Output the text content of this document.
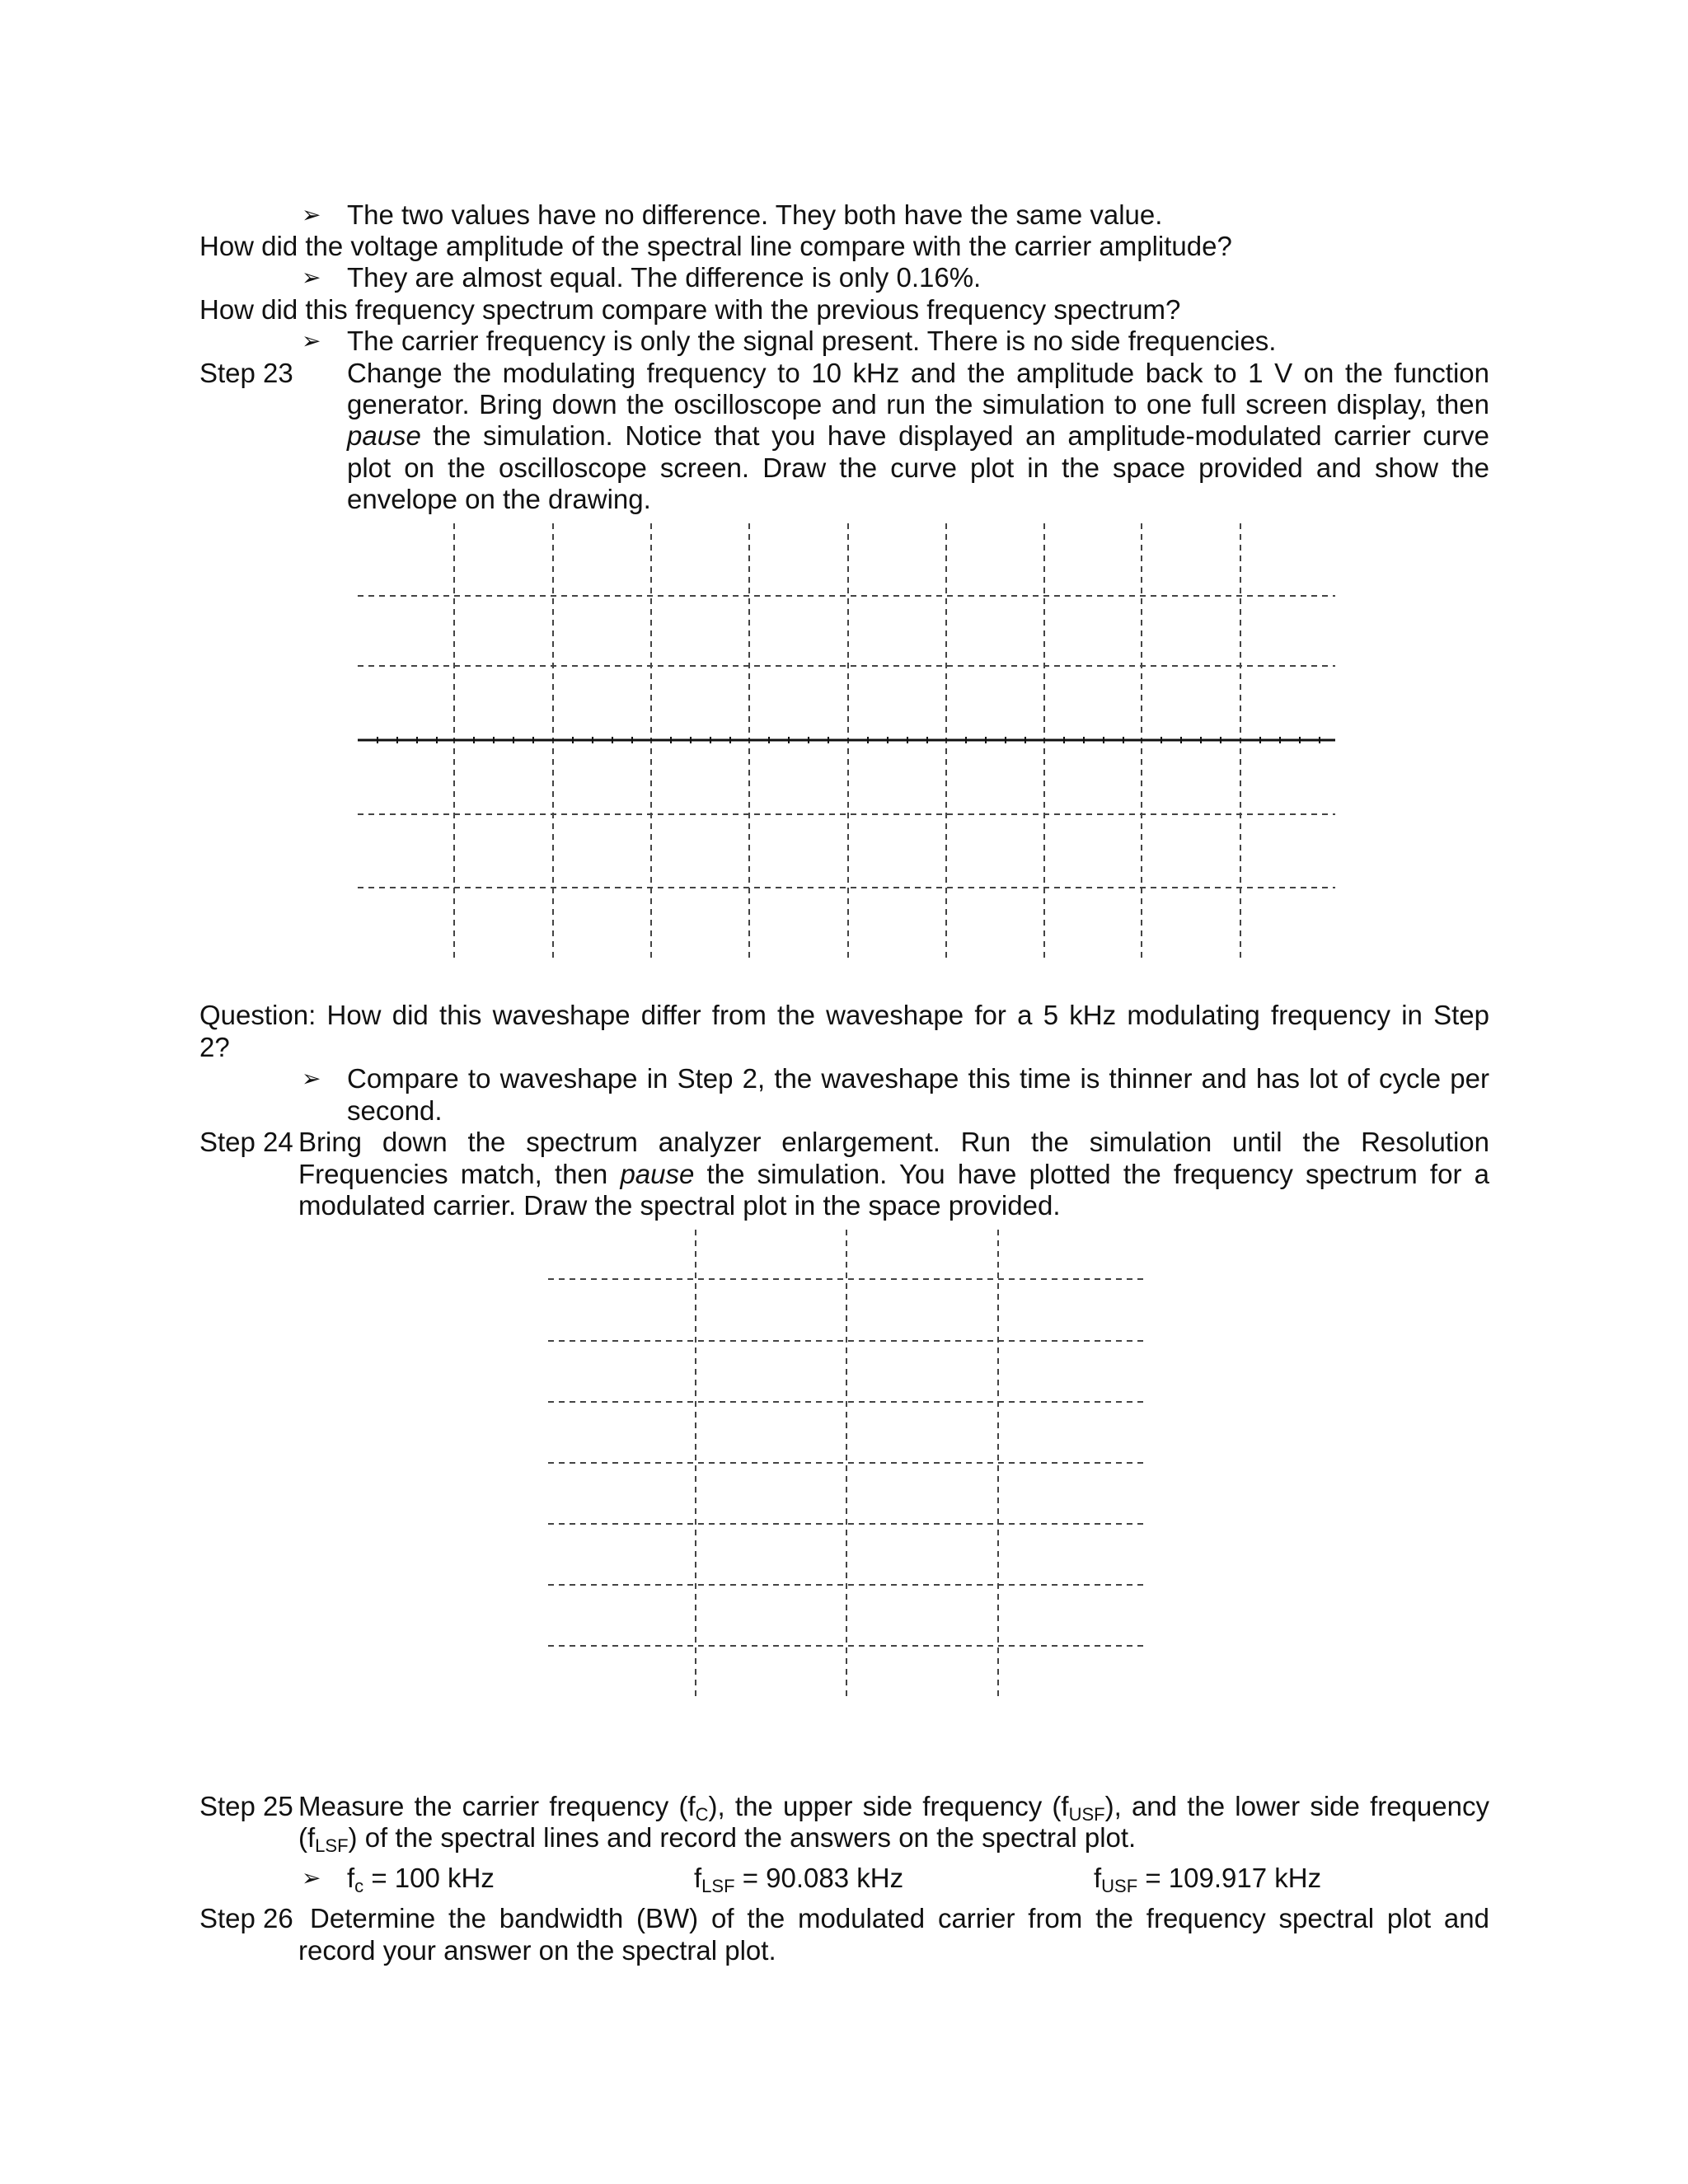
➢ The two values have no difference. They both have the same value.
How did the voltage amplitude of the spectral line compare with the carrier amplitude?
➢ They are almost equal. The difference is only 0.16%.
How did this frequency spectrum compare with the previous frequency spectrum?
➢ The carrier frequency is only the signal present. There is no side frequencies.
Step 23 Change the modulating frequency to 10 kHz and the amplitude back to 1 V on the function
generator. Bring down the oscilloscope and run the simulation to one full screen display, then
pause the simulation. Notice that you have displayed an amplitude-modulated carrier curve
plot on the oscilloscope screen. Draw the curve plot in the space provided and show the
envelope on the drawing.
Question: How did this waveshape differ from the waveshape for a 5 kHz modulating frequency in Step
2?
➢ Compare to waveshape in Step 2, the waveshape this time is thinner and has lot of cycle per
second.
Step 24 Bring down the spectrum analyzer enlargement. Run the simulation until the Resolution
Frequencies match, then pause the simulation. You have plotted the frequency spectrum for a
modulated carrier. Draw the spectral plot in the space provided.
Step 25 Measure the carrier frequency $(f_C)$, the upper side frequency $(f_{USF})$, and the lower side frequency
$(f_{LSF})$ of the spectral lines and record the answers on the spectral plot.
➢ $f_c = 100$ kHz	$f_{LSF} = 90.083$ kHz	$f_{USF} = 109.917$ kHz
Step 26 Determine the bandwidth (BW) of the modulated carrier from the frequency spectral plot and
record your answer on the spectral plot.
